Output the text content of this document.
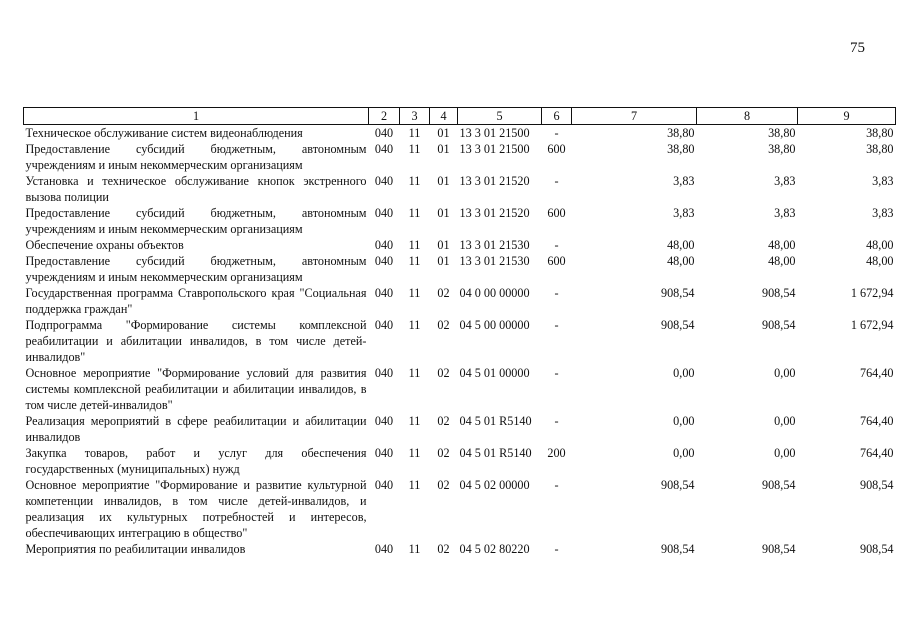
75
1	2	3	4	5	6	7	8	9
Техническое обслуживание систем видеонаблюдения	040	11	01	13 3 01 21500	-	38,80	38,80	38,80
Предоставление субсидий бюджетным, автономным учреждениям и иным некоммерческим организациям	040	11	01	13 3 01 21500	600	38,80	38,80	38,80
Установка и техническое обслуживание кнопок экстренного вызова полиции	040	11	01	13 3 01 21520	-	3,83	3,83	3,83
Предоставление субсидий бюджетным, автономным учреждениям и иным некоммерческим организациям	040	11	01	13 3 01 21520	600	3,83	3,83	3,83
Обеспечение охраны объектов	040	11	01	13 3 01 21530	-	48,00	48,00	48,00
Предоставление субсидий бюджетным, автономным учреждениям и иным некоммерческим организациям	040	11	01	13 3 01 21530	600	48,00	48,00	48,00
Государственная программа Ставропольского края "Социальная поддержка граждан"	040	11	02	04 0 00 00000	-	908,54	908,54	1 672,94
Подпрограмма "Формирование системы комплексной реабилитации и абилитации инвалидов, в том числе детей-инвалидов"	040	11	02	04 5 00 00000	-	908,54	908,54	1 672,94
Основное мероприятие "Формирование условий для развития системы комплексной реабилитации и абилитации инвалидов, в том числе детей-инвалидов"	040	11	02	04 5 01 00000	-	0,00	0,00	764,40
Реализация мероприятий в сфере реабилитации и абилитации инвалидов	040	11	02	04 5 01 R5140	-	0,00	0,00	764,40
Закупка товаров, работ и услуг для обеспечения государственных (муниципальных) нужд	040	11	02	04 5 01 R5140	200	0,00	0,00	764,40
Основное мероприятие "Формирование и развитие культурной компетенции инвалидов, в том числе детей-инвалидов, и реализация их культурных потребностей и интересов, обеспечивающих интеграцию в общество"	040	11	02	04 5 02 00000	-	908,54	908,54	908,54
Мероприятия по реабилитации инвалидов	040	11	02	04 5 02 80220	-	908,54	908,54	908,54
